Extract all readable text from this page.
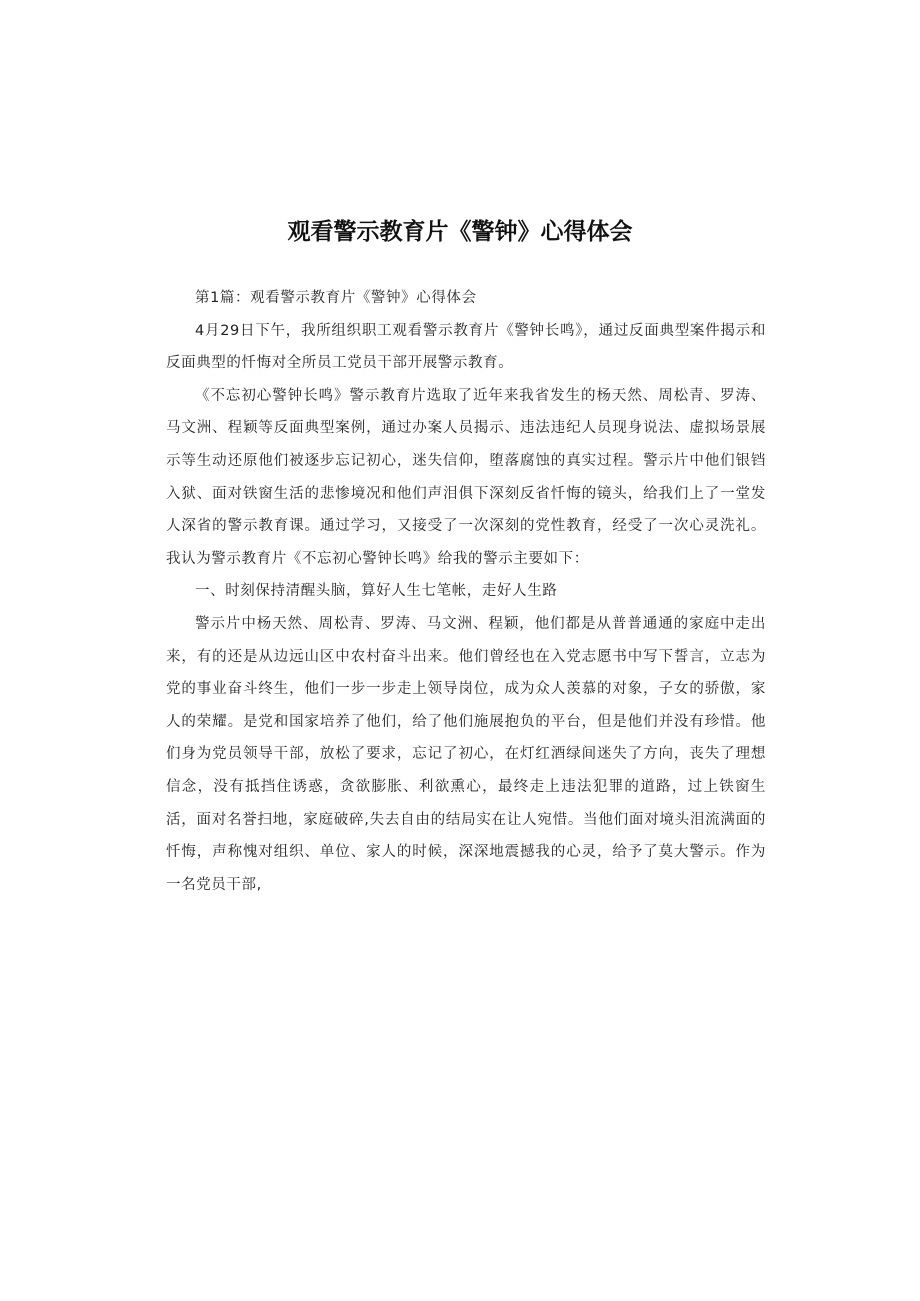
观看警示教育片《警钟》心得体会

第1篇：观看警示教育片《警钟》心得体会

4月29日下午，我所组织职工观看警示教育片《警钟长鸣》，通过反面典型案件揭示和反面典型的忏悔对全所员工党员干部开展警示教育。

《不忘初心警钟长鸣》警示教育片选取了近年来我省发生的杨天然、周松青、罗涛、马文洲、程颖等反面典型案例，通过办案人员揭示、违法违纪人员现身说法、虚拟场景展示等生动还原他们被逐步忘记初心，迷失信仰，堕落腐蚀的真实过程。警示片中他们银铛入狱、面对铁窗生活的悲惨境况和他们声泪俱下深刻反省忏悔的镜头，给我们上了一堂发人深省的警示教育课。通过学习，又接受了一次深刻的党性教育，经受了一次心灵洗礼。我认为警示教育片《不忘初心警钟长鸣》给我的警示主要如下：

一、时刻保持清醒头脑，算好人生七笔帐，走好人生路

警示片中杨天然、周松青、罗涛、马文洲、程颖，他们都是从普普通通的家庭中走出来，有的还是从边远山区中农村奋斗出来。他们曾经也在入党志愿书中写下誓言，立志为党的事业奋斗终生，他们一步一步走上领导岗位，成为众人羡慕的对象，子女的骄傲，家人的荣耀。是党和国家培养了他们，给了他们施展抱负的平台，但是他们并没有珍惜。他们身为党员领导干部，放松了要求，忘记了初心，在灯红酒绿间迷失了方向，丧失了理想信念，没有抵挡住诱惑，贪欲膨胀、利欲熏心，最终走上违法犯罪的道路，过上铁窗生活，面对名誉扫地，家庭破碎,失去自由的结局实在让人宛惜。当他们面对境头泪流满面的忏悔，声称愧对组织、单位、家人的时候，深深地震撼我的心灵，给予了莫大警示。作为一名党员干部,
